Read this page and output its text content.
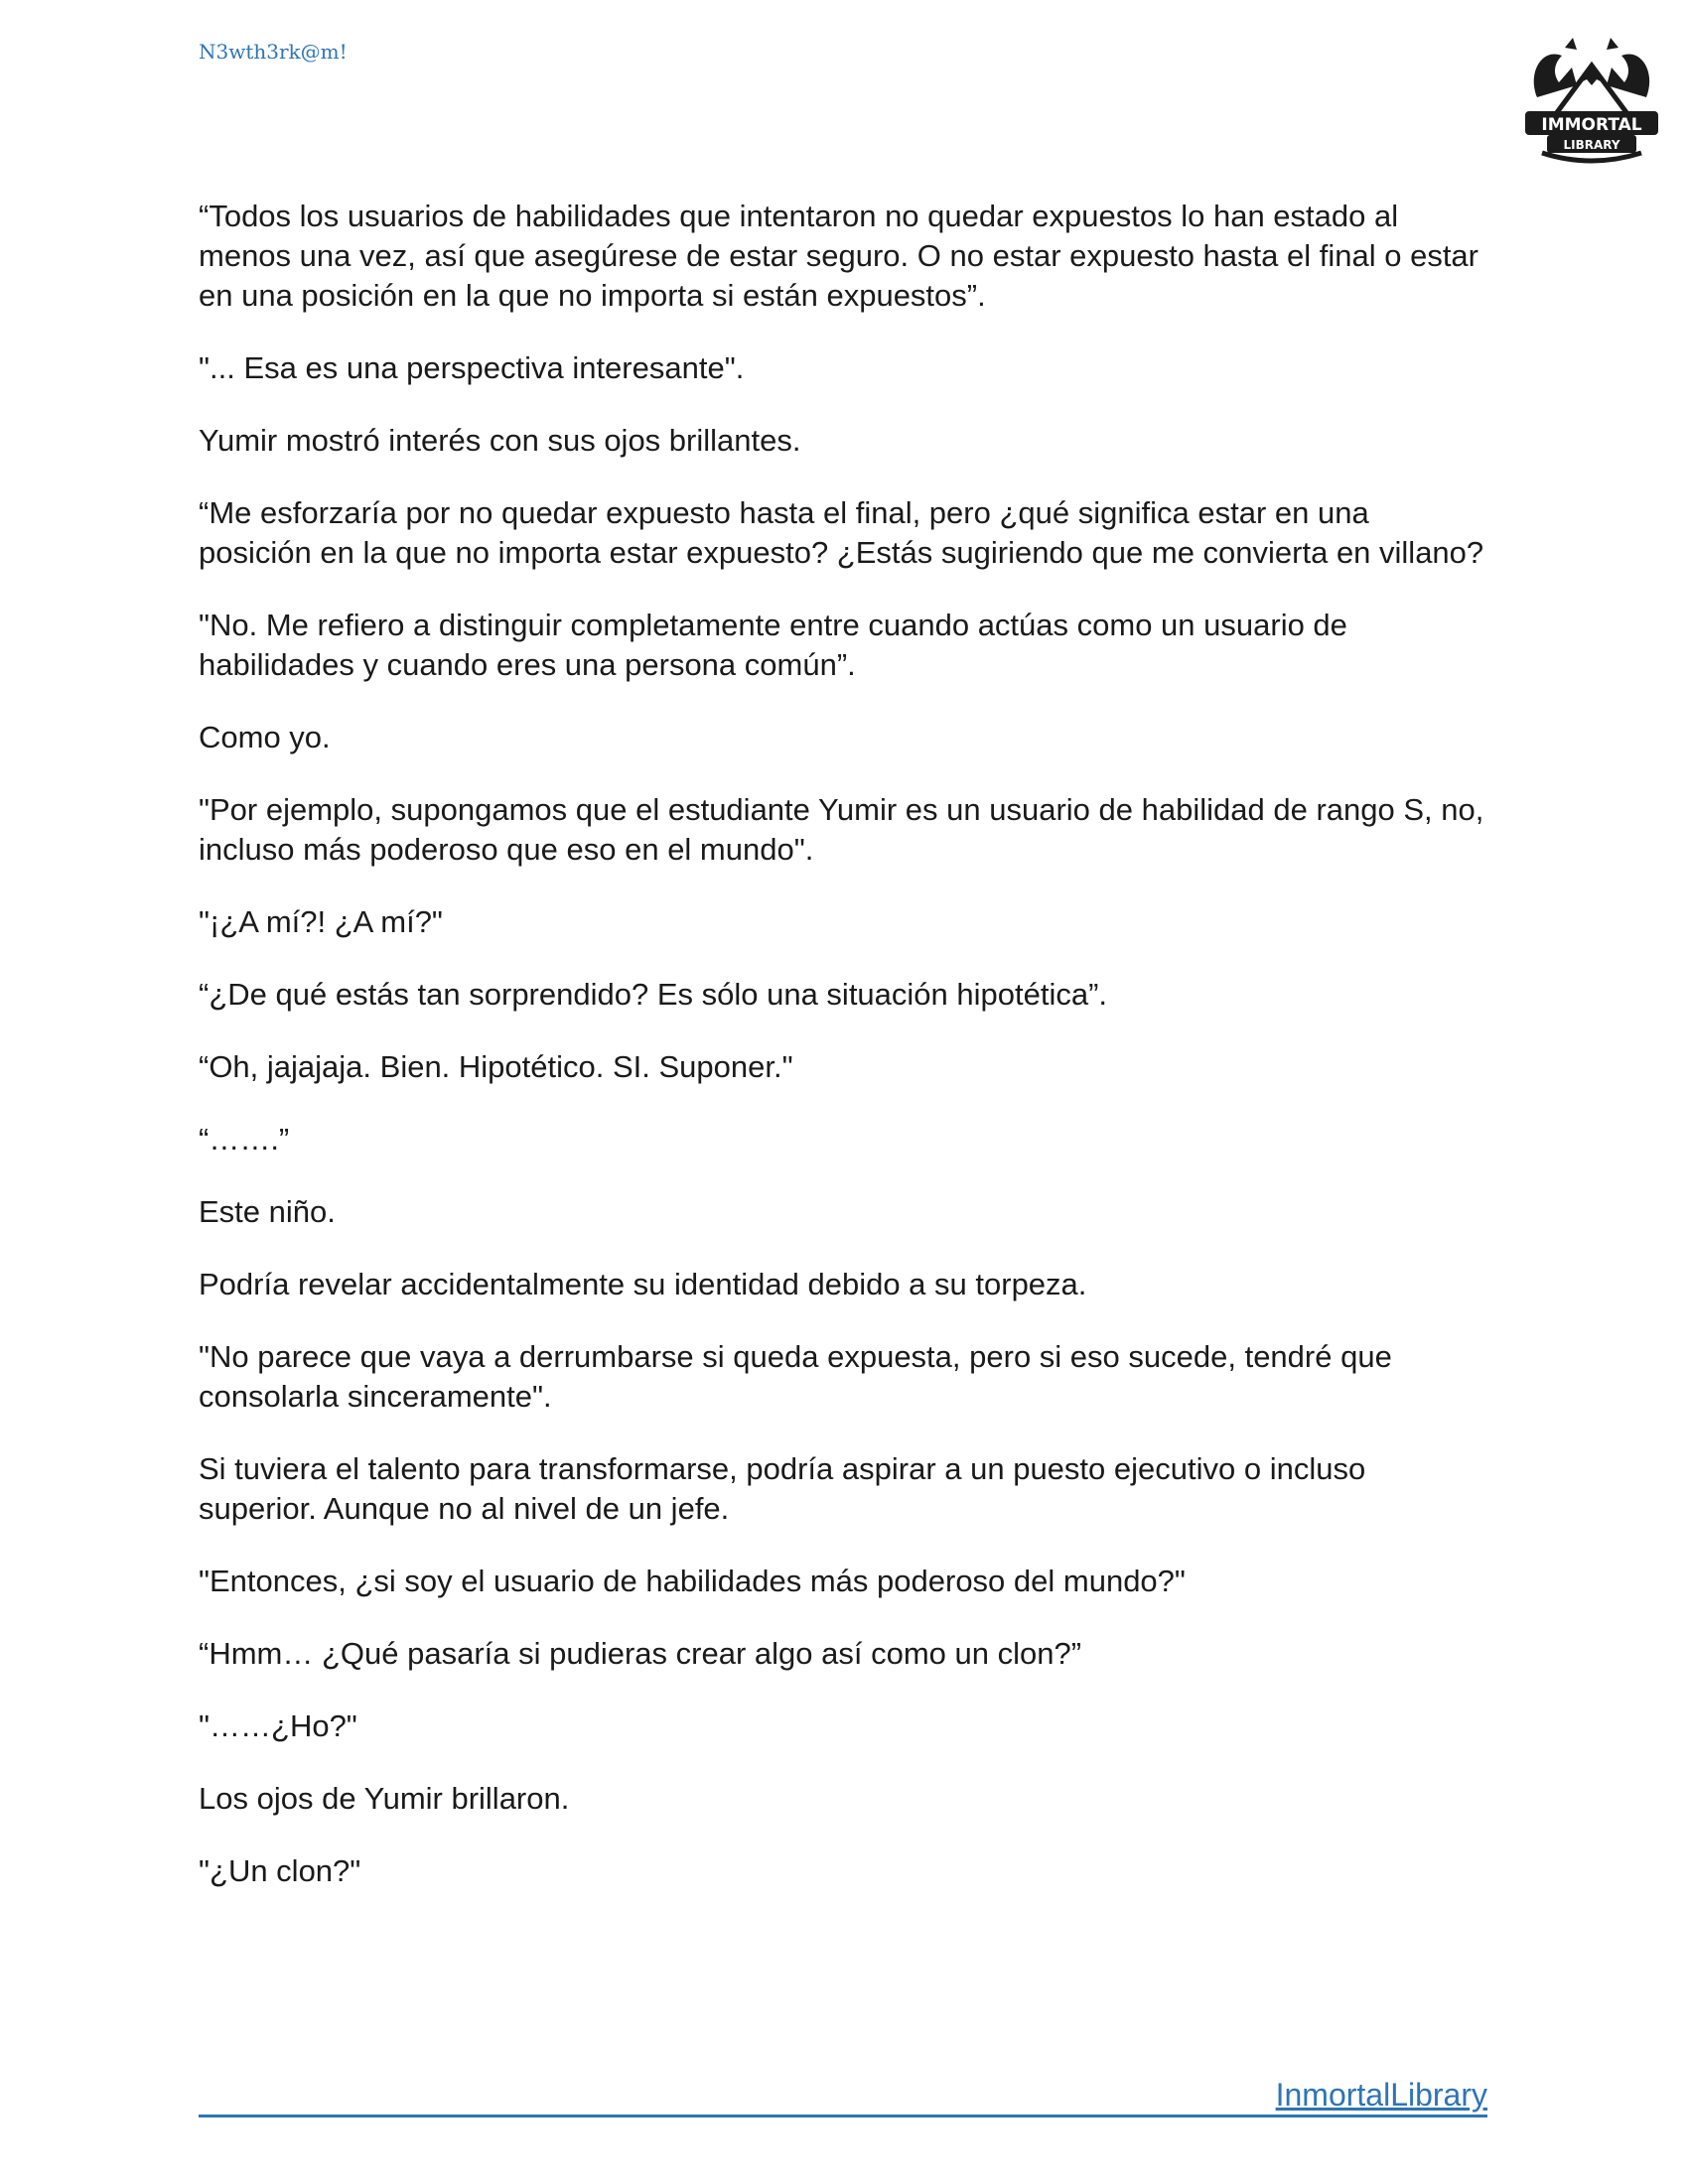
N3wth3rk@m!
IMMORTAL
LIBRARY

“Todos los usuarios de habilidades que intentaron no quedar expuestos lo han estado al menos una vez, así que asegúrese de estar seguro. O no estar expuesto hasta el final o estar en una posición en la que no importa si están expuestos”.

"... Esa es una perspectiva interesante".

Yumir mostró interés con sus ojos brillantes.

“Me esforzaría por no quedar expuesto hasta el final, pero ¿qué significa estar en una posición en la que no importa estar expuesto? ¿Estás sugiriendo que me convierta en villano?

"No. Me refiero a distinguir completamente entre cuando actúas como un usuario de habilidades y cuando eres una persona común”.

Como yo.

"Por ejemplo, supongamos que el estudiante Yumir es un usuario de habilidad de rango S, no, incluso más poderoso que eso en el mundo".

"¡¿A mí?! ¿A mí?"

“¿De qué estás tan sorprendido? Es sólo una situación hipotética”.

“Oh, jajajaja. Bien. Hipotético. SI. Suponer."

“…….”

Este niño.

Podría revelar accidentalmente su identidad debido a su torpeza.

"No parece que vaya a derrumbarse si queda expuesta, pero si eso sucede, tendré que consolarla sinceramente".

Si tuviera el talento para transformarse, podría aspirar a un puesto ejecutivo o incluso superior. Aunque no al nivel de un jefe.

"Entonces, ¿si soy el usuario de habilidades más poderoso del mundo?"

“Hmm… ¿Qué pasaría si pudieras crear algo así como un clon?”

"……¿Ho?"

Los ojos de Yumir brillaron.

"¿Un clon?"

InmortalLibrary
